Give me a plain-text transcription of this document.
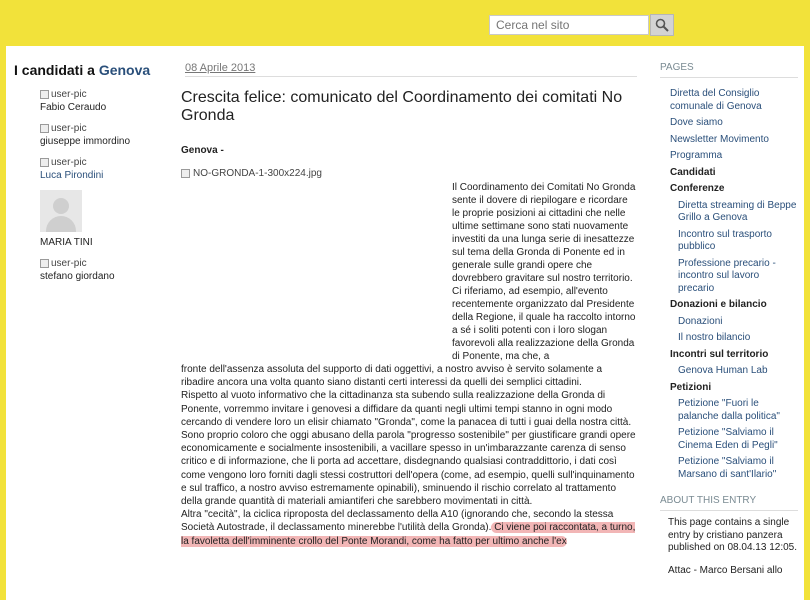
Cerca nel sito
I candidati a Genova
user-pic
Fabio Ceraudo
user-pic
giuseppe immordino
user-pic
Luca Pirondini
MARIA TINI
user-pic
stefano giordano
08 Aprile 2013
Crescita felice: comunicato del Coordinamento dei comitati No Gronda
Genova -
NO-GRONDA-1-300x224.jpg
Il Coordinamento dei Comitati No Gronda sente il dovere di riepilogare e ricordare le proprie posizioni ai cittadini che nelle ultime settimane sono stati nuovamente investiti da una lunga serie di inesattezze sul tema della Gronda di Ponente ed in generale sulle grandi opere che dovrebbero gravitare sul nostro territorio. Ci riferiamo, ad esempio, all'evento recentemente organizzato dal Presidente della Regione, il quale ha raccolto intorno a sé i soliti potenti con i loro slogan favorevoli alla realizzazione della Gronda di Ponente, ma che, a

fronte dell'assenza assoluta del supporto di dati oggettivi, a nostro avviso è servito solamente a ribadire ancora una volta quanto siano distanti certi interessi da quelli dei semplici cittadini.

Rispetto al vuoto informativo che la cittadinanza sta subendo sulla realizzazione della Gronda di Ponente, vorremmo invitare i genovesi a diffidare da quanti negli ultimi tempi stanno in ogni modo cercando di vendere loro un elisir chiamato "Gronda", come la panacea di tutti i guai della nostra città.

Sono proprio coloro che oggi abusano della parola "progresso sostenibile" per giustificare grandi opere economicamente e socialmente insostenibili, a vacillare spesso in un'imbarazzante carenza di senso critico e di informazione, che li porta ad accettare, disdegnando qualsiasi contraddittorio, i dati così come vengono loro forniti dagli stessi costruttori dell'opera (come, ad esempio, quelli sull'inquinamento e sul traffico, a nostro avviso estremamente opinabili), sminuendo il rischio correlato al trattamento della grande quantità di materiali amiantiferi che sarebbero movimentati in città.

Altra "cecità", la ciclica riproposta del declassamento della A10 (ignorando che, secondo la stessa Società Autostrade, il declassamento minerebbe l'utilità della Gronda). Ci viene poi raccontata, a turno, la favoletta dell'imminente crollo del Ponte Morandi, come ha fatto per ultimo anche l'ex

PAGES
Diretta del Consiglio comunale di Genova
Dove siamo
Newsletter Movimento
Programma
Candidati
Conferenze
Diretta streaming di Beppe Grillo a Genova
Incontro sul trasporto pubblico
Professione precario - incontro sul lavoro precario
Donazioni e bilancio
Donazioni
Il nostro bilancio
Incontri sul territorio
Genova Human Lab
Petizioni
Petizione "Fuori le palanche dalla politica"
Petizione "Salviamo il Cinema Eden di Pegli"
Petizione "Salviamo il Marsano di sant'Ilario"
ABOUT THIS ENTRY
This page contains a single entry by cristiano panzera published on 08.04.13 12:05.
Attac - Marco Bersani allo
